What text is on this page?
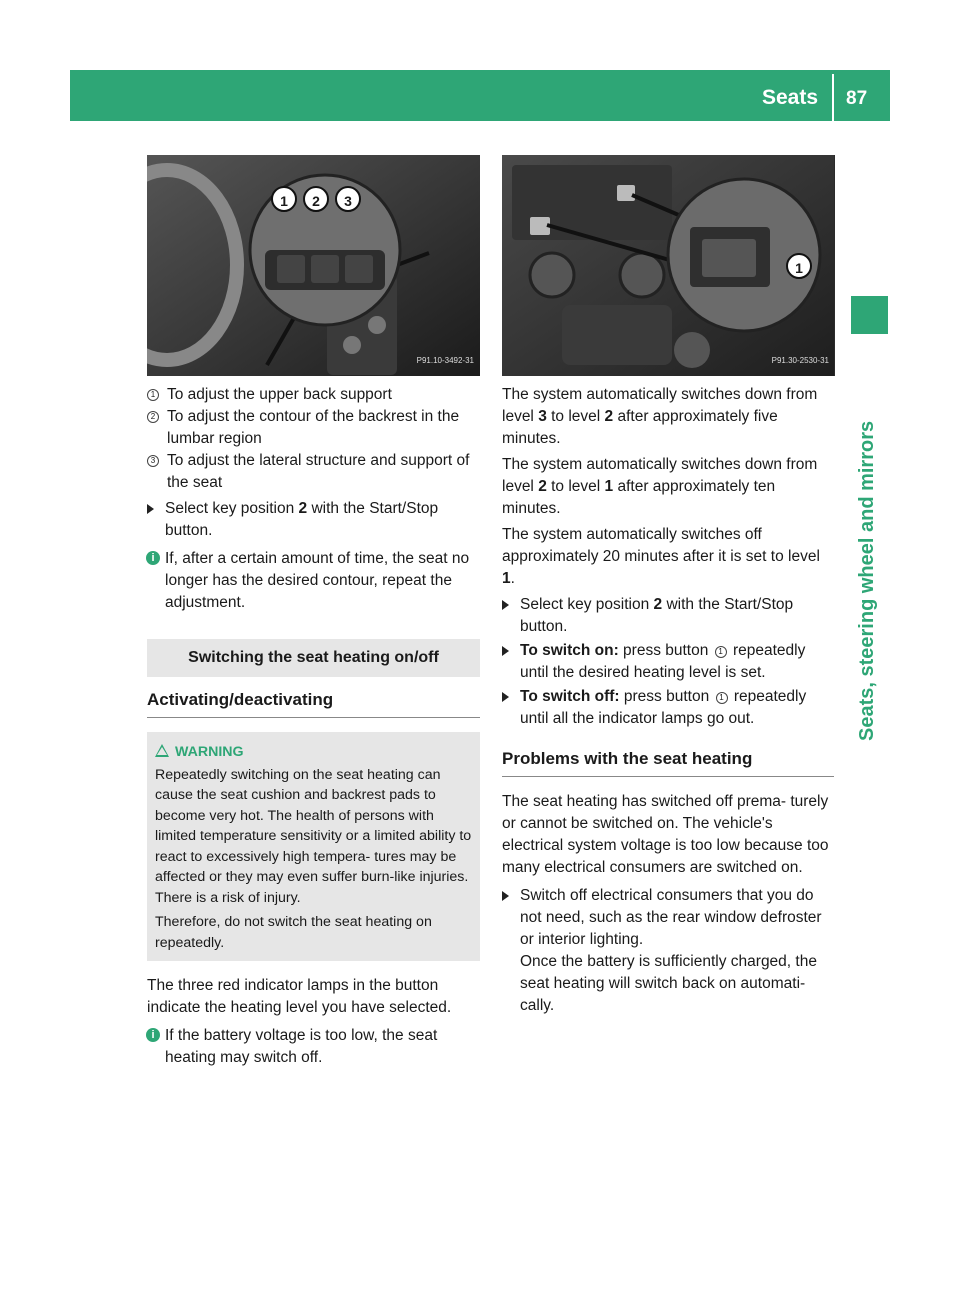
Seats 87
Seats, steering wheel and mirrors
1 2 3
P91.10-3492-31
1 To adjust the upper back support

2 To adjust the contour of the backrest in the lumbar region

3 To adjust the lateral structure and support of the seat

Select key position 2 with the Start/Stop button.

i If, after a certain amount of time, the seat no longer has the desired contour, repeat the adjustment.

Switching the seat heating on/off
Activating/deactivating
WARNING

Repeatedly switching on the seat heating can cause the seat cushion and backrest pads to become very hot. The health of persons with limited temperature sensitivity or a limited ability to react to excessively high tempera- tures may be affected or they may even suffer burn-like injuries. There is a risk of injury.

Therefore, do not switch the seat heating on repeatedly.

The three red indicator lamps in the button indicate the heating level you have selected.

i If the battery voltage is too low, the seat heating may switch off.

1
P91.30-2530-31

The system automatically switches down from level 3 to level 2 after approximately five minutes.

The system automatically switches down from level 2 to level 1 after approximately ten minutes.

The system automatically switches off approximately 20 minutes after it is set to level 1.

Select key position 2 with the Start/Stop button.

To switch on: press button 1 repeatedly until the desired heating level is set.

To switch off: press button 1 repeatedly until all the indicator lamps go out.

Problems with the seat heating

The seat heating has switched off prema- turely or cannot be switched on. The vehicle's electrical system voltage is too low because too many electrical consumers are switched on.

Switch off electrical consumers that you do not need, such as the rear window defroster or interior lighting.

Once the battery is sufficiently charged, the seat heating will switch back on automati- cally.
